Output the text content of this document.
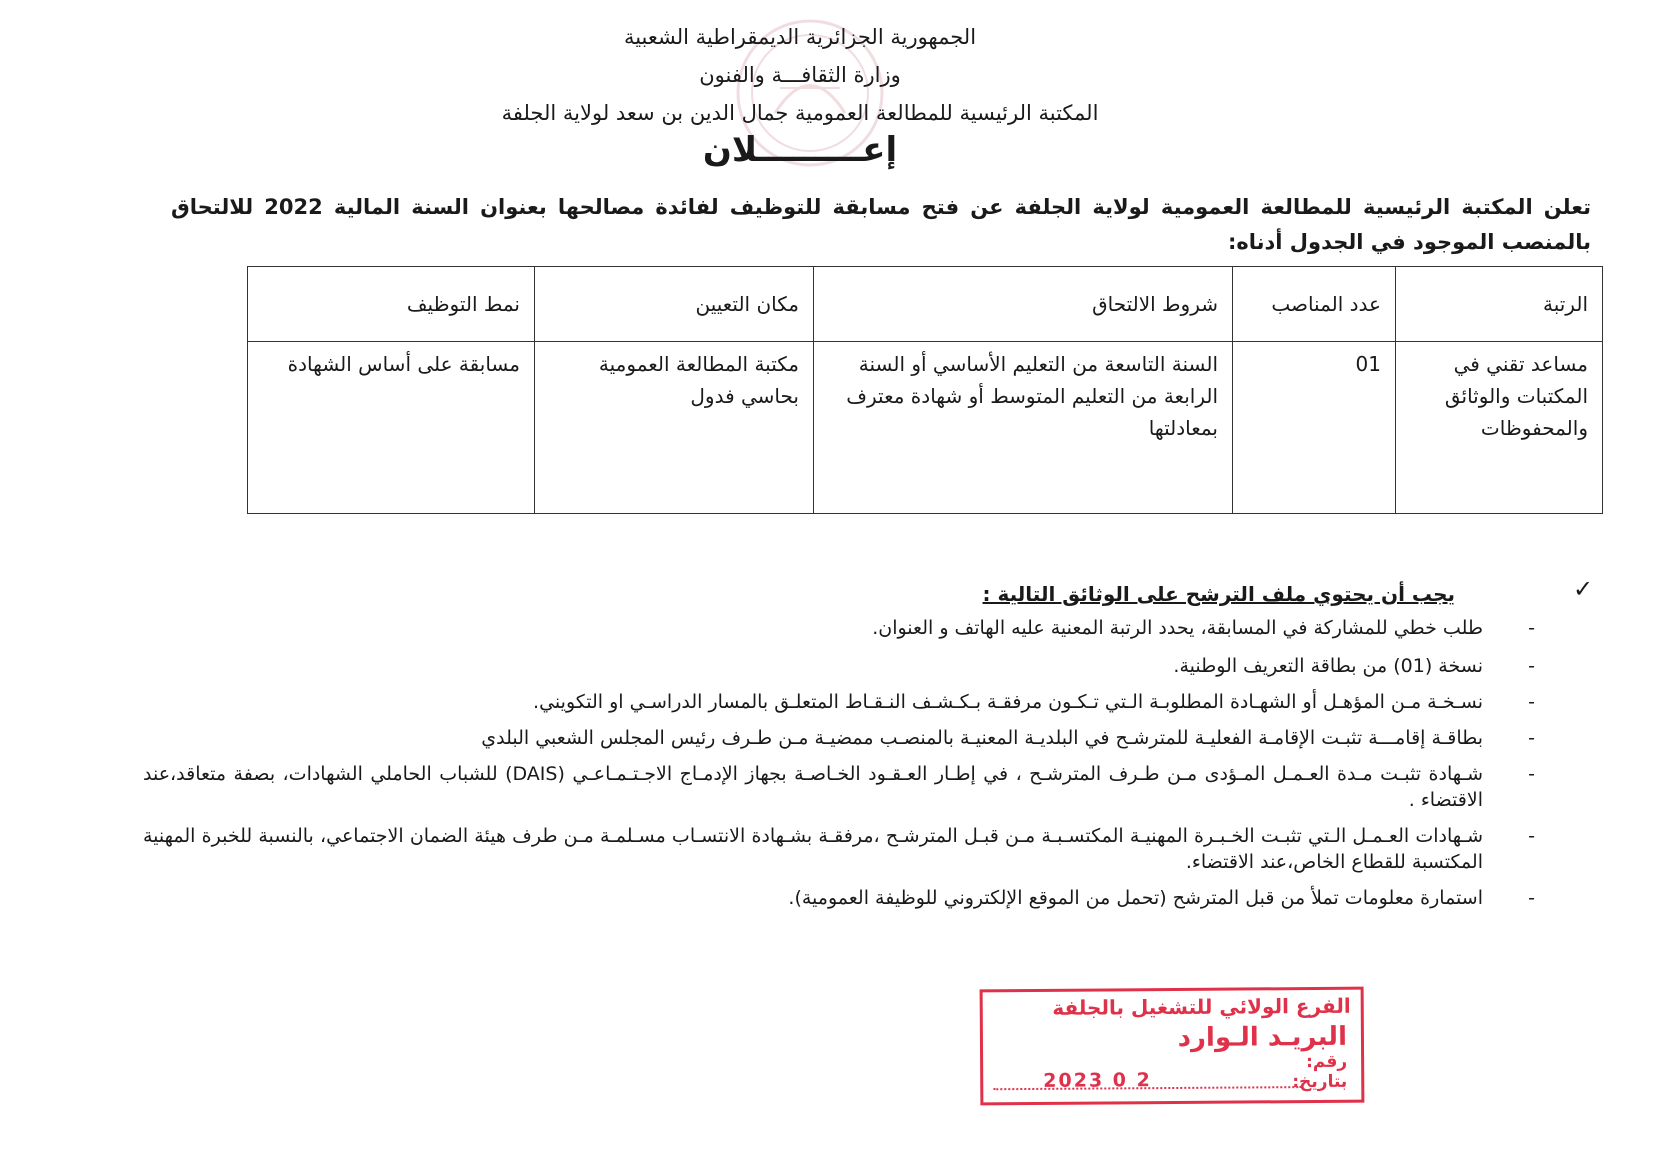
الجمهورية الجزائرية الديمقراطية الشعبية
وزارة الثقافـــة والفنون
المكتبة الرئيسية للمطالعة العمومية جمال الدين بن سعد لولاية الجلفة
إعـــــــــلان
تعلن المكتبة الرئيسية للمطالعة العمومية لولاية الجلفة عن فتح مسابقة للتوظيف لفائدة مصالحها بعنوان السنة المالية 2022 للالتحاق بالمنصب الموجود في الجدول أدناه:
الرتبة	عدد المناصب	شروط الالتحاق	مكان التعيين	نمط التوظيف
مساعد تقني في المكتبات والوثائق والمحفوظات	01	السنة التاسعة من التعليم الأساسي أو السنة الرابعة من التعليم المتوسط أو شهادة معترف بمعادلتها	مكتبة المطالعة العمومية بحاسي فدول	مسابقة على أساس الشهادة
✓
يجب أن يحتوي ملف الترشح على الوثائق التالية :
- طلب خطي للمشاركة في المسابقة، يحدد الرتبة المعنية عليه الهاتف و العنوان.
- نسخة (01) من بطاقة التعريف الوطنية.
- نسـخـة مـن المؤهـل أو الشهـادة المطلوبـة الـتي تـكـون مرفقـة بـكـشـف النـقـاط المتعلـق بالمسار الدراسـي او التكويني.
- بطاقـة إقامـــة تثبـت الإقامـة الفعليـة للمترشـح في البلديـة المعنيـة بالمنصـب ممضيـة مـن طـرف رئيس المجلس الشعبي البلدي
- شـهادة تثبـت مـدة العـمـل المـؤدى مـن طـرف المترشـح ، في إطـار العـقـود الخـاصـة بجهاز الإدمـاج الاجـتـمـاعـي (DAIS) للشباب الحاملي الشهادات، بصفة متعاقد،عند الاقتضاء .
- شـهادات العـمـل الـتي تثبـت الخـبـرة المهنيـة المكتسـبـة مـن قبـل المترشـح ،مرفقـة بشـهادة الانتسـاب مسـلمـة مـن طرف هيئة الضمان الاجتماعي، بالنسبة للخبرة المهنية المكتسبة للقطاع الخاص،عند الاقتضاء.
- استمارة معلومات تملأ من قبل المترشح (تحمل من الموقع الإلكتروني للوظيفة العمومية).
الفرع الولائي للتشغيل بالجلفة
البريـد الـوارد
رقم:
بتاريخ:
2 0 2023
